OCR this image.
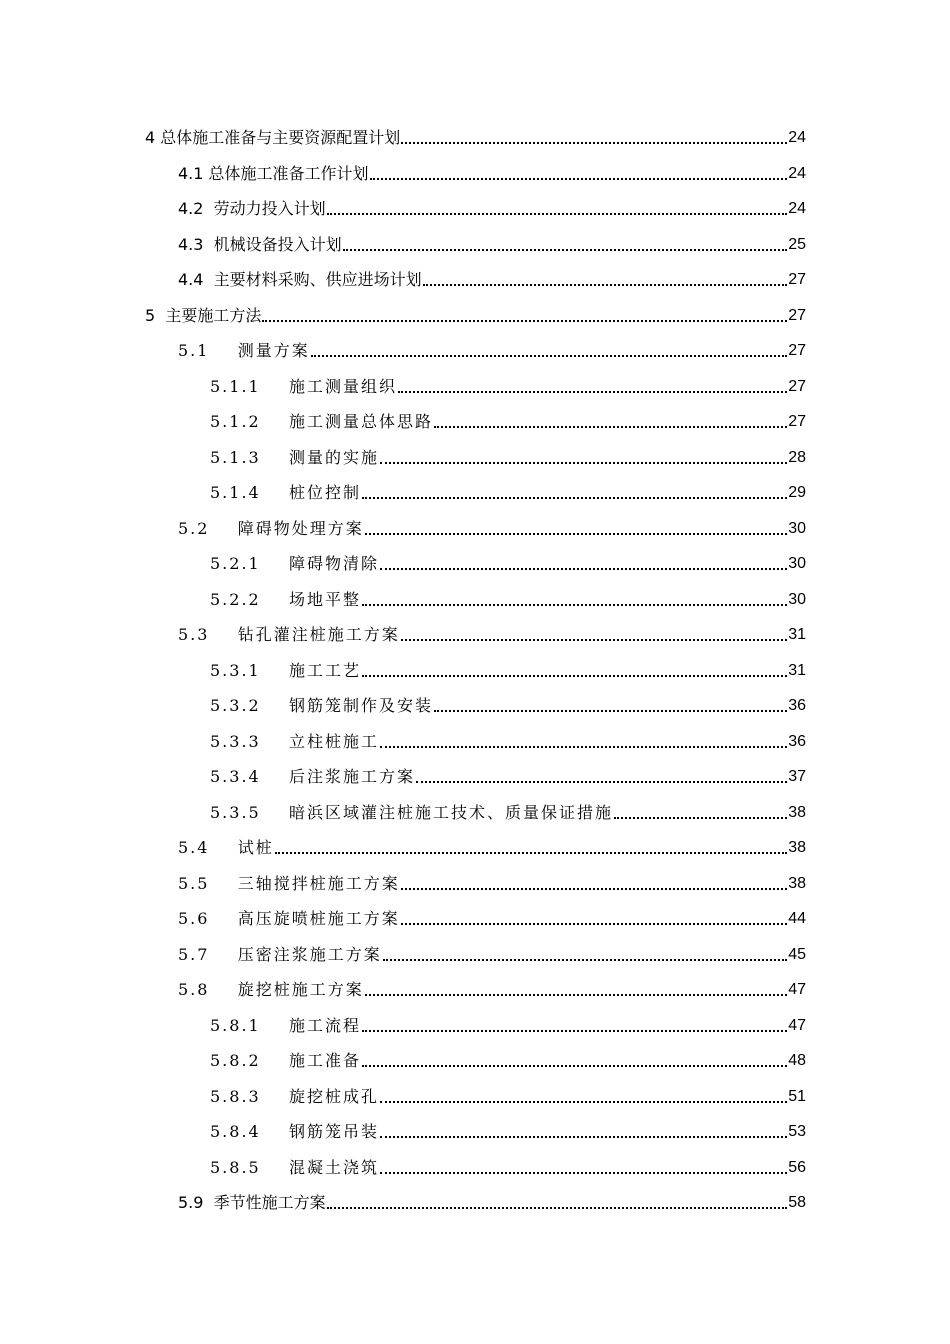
4 总体施工准备与主要资源配置计划	24
4.1 总体施工准备工作计划	24
4.2  劳动力投入计划	24
4.3  机械设备投入计划	25
4.4  主要材料采购、供应进场计划	27
5  主要施工方法	27
5.1    测量方案	27
5.1.1    施工测量组织	27
5.1.2    施工测量总体思路	27
5.1.3    测量的实施	28
5.1.4    桩位控制	29
5.2    障碍物处理方案	30
5.2.1    障碍物清除	30
5.2.2    场地平整	30
5.3    钻孔灌注桩施工方案	31
5.3.1    施工工艺	31
5.3.2    钢筋笼制作及安装	36
5.3.3    立柱桩施工	36
5.3.4    后注浆施工方案	37
5.3.5    暗浜区域灌注桩施工技术、质量保证措施	38
5.4    试桩	38
5.5    三轴搅拌桩施工方案	38
5.6    高压旋喷桩施工方案	44
5.7    压密注浆施工方案	45
5.8    旋挖桩施工方案	47
5.8.1    施工流程	47
5.8.2    施工准备	48
5.8.3    旋挖桩成孔	51
5.8.4    钢筋笼吊装	53
5.8.5    混凝土浇筑	56
5.9  季节性施工方案	58
